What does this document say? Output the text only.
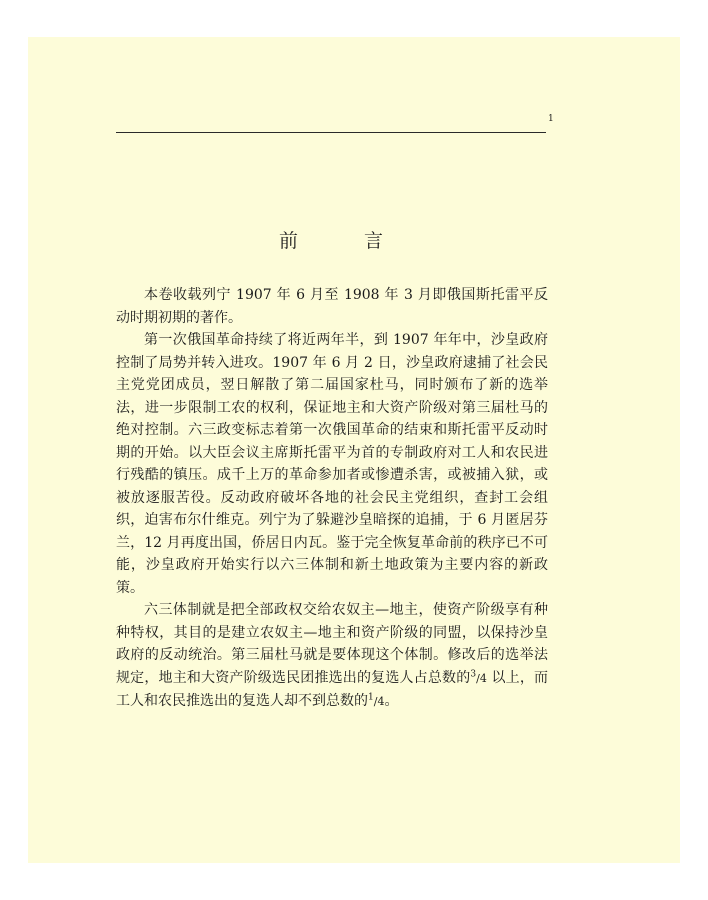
1
前 言

本卷收载列宁 1907 年 6 月至 1908 年 3 月即俄国斯托雷平反动时期初期的著作。

第一次俄国革命持续了将近两年半，到 1907 年年中，沙皇政府控制了局势并转入进攻。1907 年 6 月 2 日，沙皇政府逮捕了社会民主党党团成员，翌日解散了第二届国家杜马，同时颁布了新的选举法，进一步限制工农的权利，保证地主和大资产阶级对第三届杜马的绝对控制。六三政变标志着第一次俄国革命的结束和斯托雷平反动时期的开始。以大臣会议主席斯托雷平为首的专制政府对工人和农民进行残酷的镇压。成千上万的革命参加者或惨遭杀害，或被捕入狱，或被放逐服苦役。反动政府破坏各地的社会民主党组织，查封工会组织，迫害布尔什维克。列宁为了躲避沙皇暗探的追捕，于 6 月匿居芬兰，12 月再度出国，侨居日内瓦。鉴于完全恢复革命前的秩序已不可能，沙皇政府开始实行以六三体制和新土地政策为主要内容的新政策。

六三体制就是把全部政权交给农奴主—地主，使资产阶级享有种种特权，其目的是建立农奴主—地主和资产阶级的同盟，以保持沙皇政府的反动统治。第三届杜马就是要体现这个体制。修改后的选举法规定，地主和大资产阶级选民团推选出的复选人占总数的$^3$/4 以上，而工人和农民推选出的复选人却不到总数的$^1$/4。
